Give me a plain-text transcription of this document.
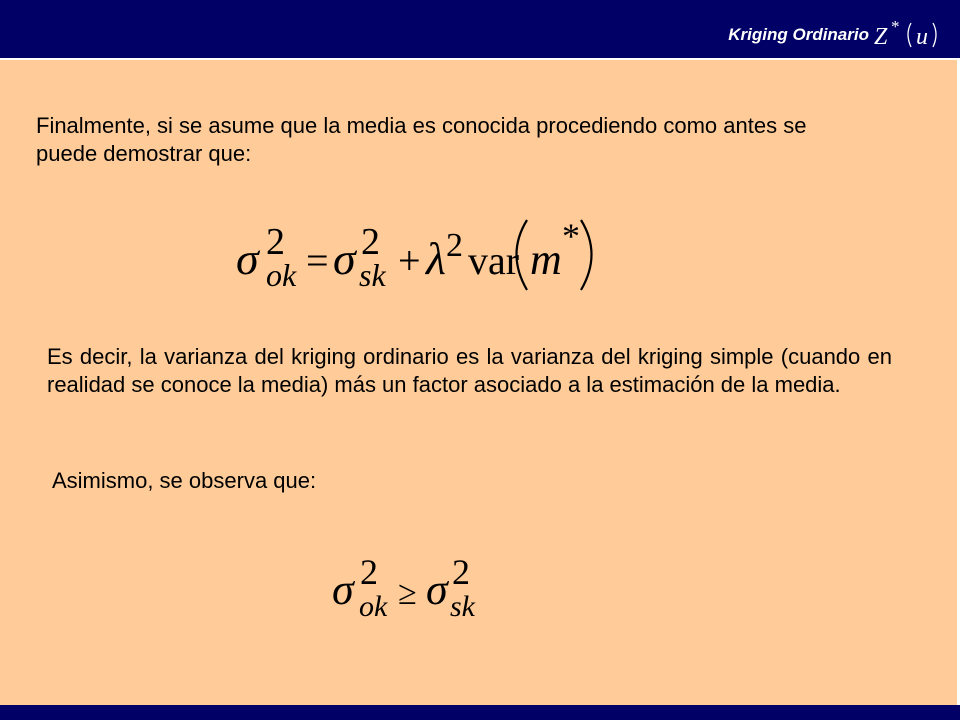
Kriging Ordinario Z * u

Finalmente, si se asume que la media es conocida procediendo como antes se puede demostrar que:

σ 2
ok = σ 2
sk + λ 2 var m *

Es decir, la varianza del kriging ordinario es la varianza del kriging simple (cuando en realidad se conoce la media) más un factor asociado a la estimación de la media.

Asimismo, se observa que:

σ 2
ok ≥ σ 2
sk
